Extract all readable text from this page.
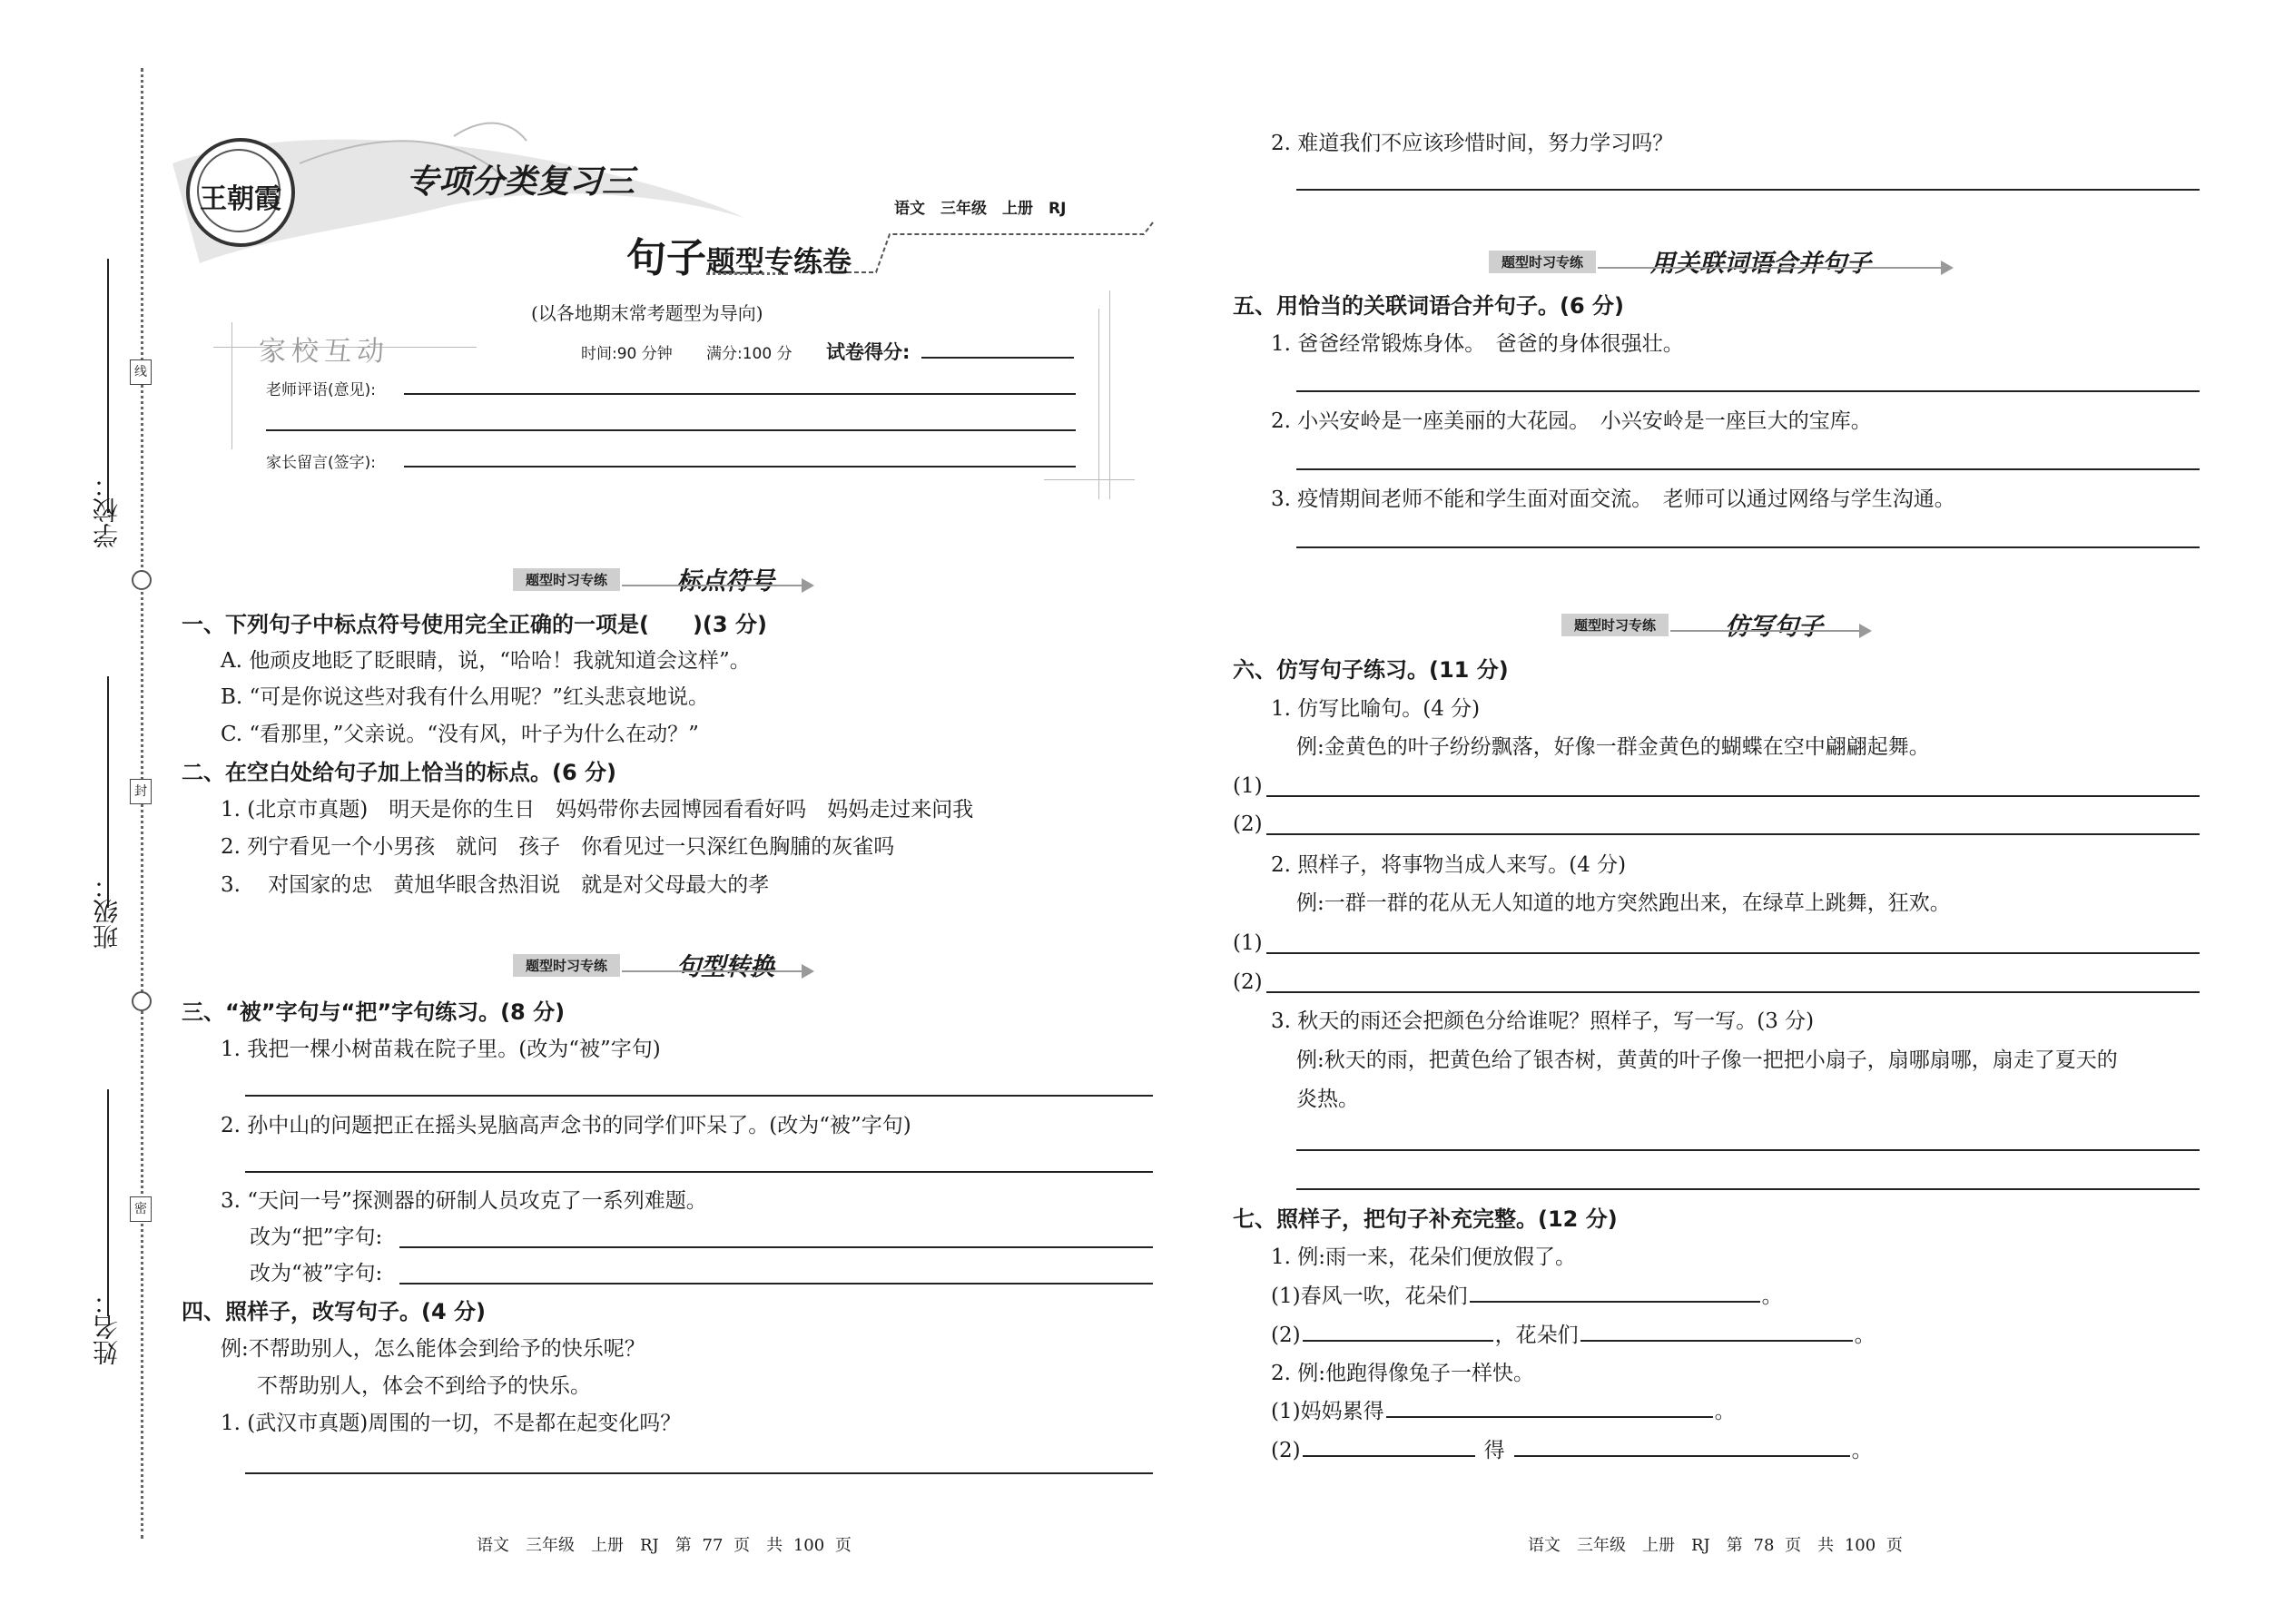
线
封
密
学校：
班级：
姓名：
王朝霞	专项分类复习三
语文　三年级　上册　RJ
句子题型专练卷
(以各地期末常考题型为导向)
家校互动	时间:90 分钟 满分:100 分 试卷得分:
老师评语(意见):
家长留言(签字):
题型时习专练	标点符号
一、下列句子中标点符号使用完全正确的一项是(　　)(3 分)
A. 他顽皮地眨了眨眼睛，说，“哈哈！我就知道会这样”。
B. “可是你说这些对我有什么用呢？”红头悲哀地说。
C. “看那里，”父亲说。“没有风，叶子为什么在动？”
二、在空白处给句子加上恰当的标点。(6 分)
1. (北京市真题)　明天是你的生日　妈妈带你去园博园看看好吗　妈妈走过来问我
2. 列宁看见一个小男孩　就问　孩子　你看见过一只深红色胸脯的灰雀吗
3. 　对国家的忠　黄旭华眼含热泪说　就是对父母最大的孝
题型时习专练	句型转换
三、“被”字句与“把”字句练习。(8 分)
1. 我把一棵小树苗栽在院子里。(改为“被”字句)
2. 孙中山的问题把正在摇头晃脑高声念书的同学们吓呆了。(改为“被”字句)
3. “天问一号”探测器的研制人员攻克了一系列难题。
改为“把”字句:
改为“被”字句:
四、照样子，改写句子。(4 分)
例:不帮助别人，怎么能体会到给予的快乐呢？
不帮助别人，体会不到给予的快乐。
1. (武汉市真题)周围的一切，不是都在起变化吗？
语文　三年级　上册　RJ　第 77 页　共 100 页
2. 难道我们不应该珍惜时间，努力学习吗？
题型时习专练	用关联词语合并句子
五、用恰当的关联词语合并句子。(6 分)
1. 爸爸经常锻炼身体。　爸爸的身体很强壮。
2. 小兴安岭是一座美丽的大花园。　小兴安岭是一座巨大的宝库。
3. 疫情期间老师不能和学生面对面交流。　老师可以通过网络与学生沟通。
题型时习专练	仿写句子
六、仿写句子练习。(11 分)
1. 仿写比喻句。(4 分)
例:金黄色的叶子纷纷飘落，好像一群金黄色的蝴蝶在空中翩翩起舞。
(1)
(2)
2. 照样子，将事物当成人来写。(4 分)
例:一群一群的花从无人知道的地方突然跑出来，在绿草上跳舞，狂欢。
(1)
(2)
3. 秋天的雨还会把颜色分给谁呢？照样子，写一写。(3 分)
例:秋天的雨，把黄色给了银杏树，黄黄的叶子像一把把小扇子，扇哪扇哪，扇走了夏天的
炎热。
七、照样子，把句子补充完整。(12 分)
1. 例:雨一来，花朵们便放假了。
(1)春风一吹，花朵们	。
(2)	，花朵们	。
2. 例:他跑得像兔子一样快。
(1)妈妈累得	。
(2)	得	。
语文　三年级　上册　RJ　第 78 页　共 100 页
